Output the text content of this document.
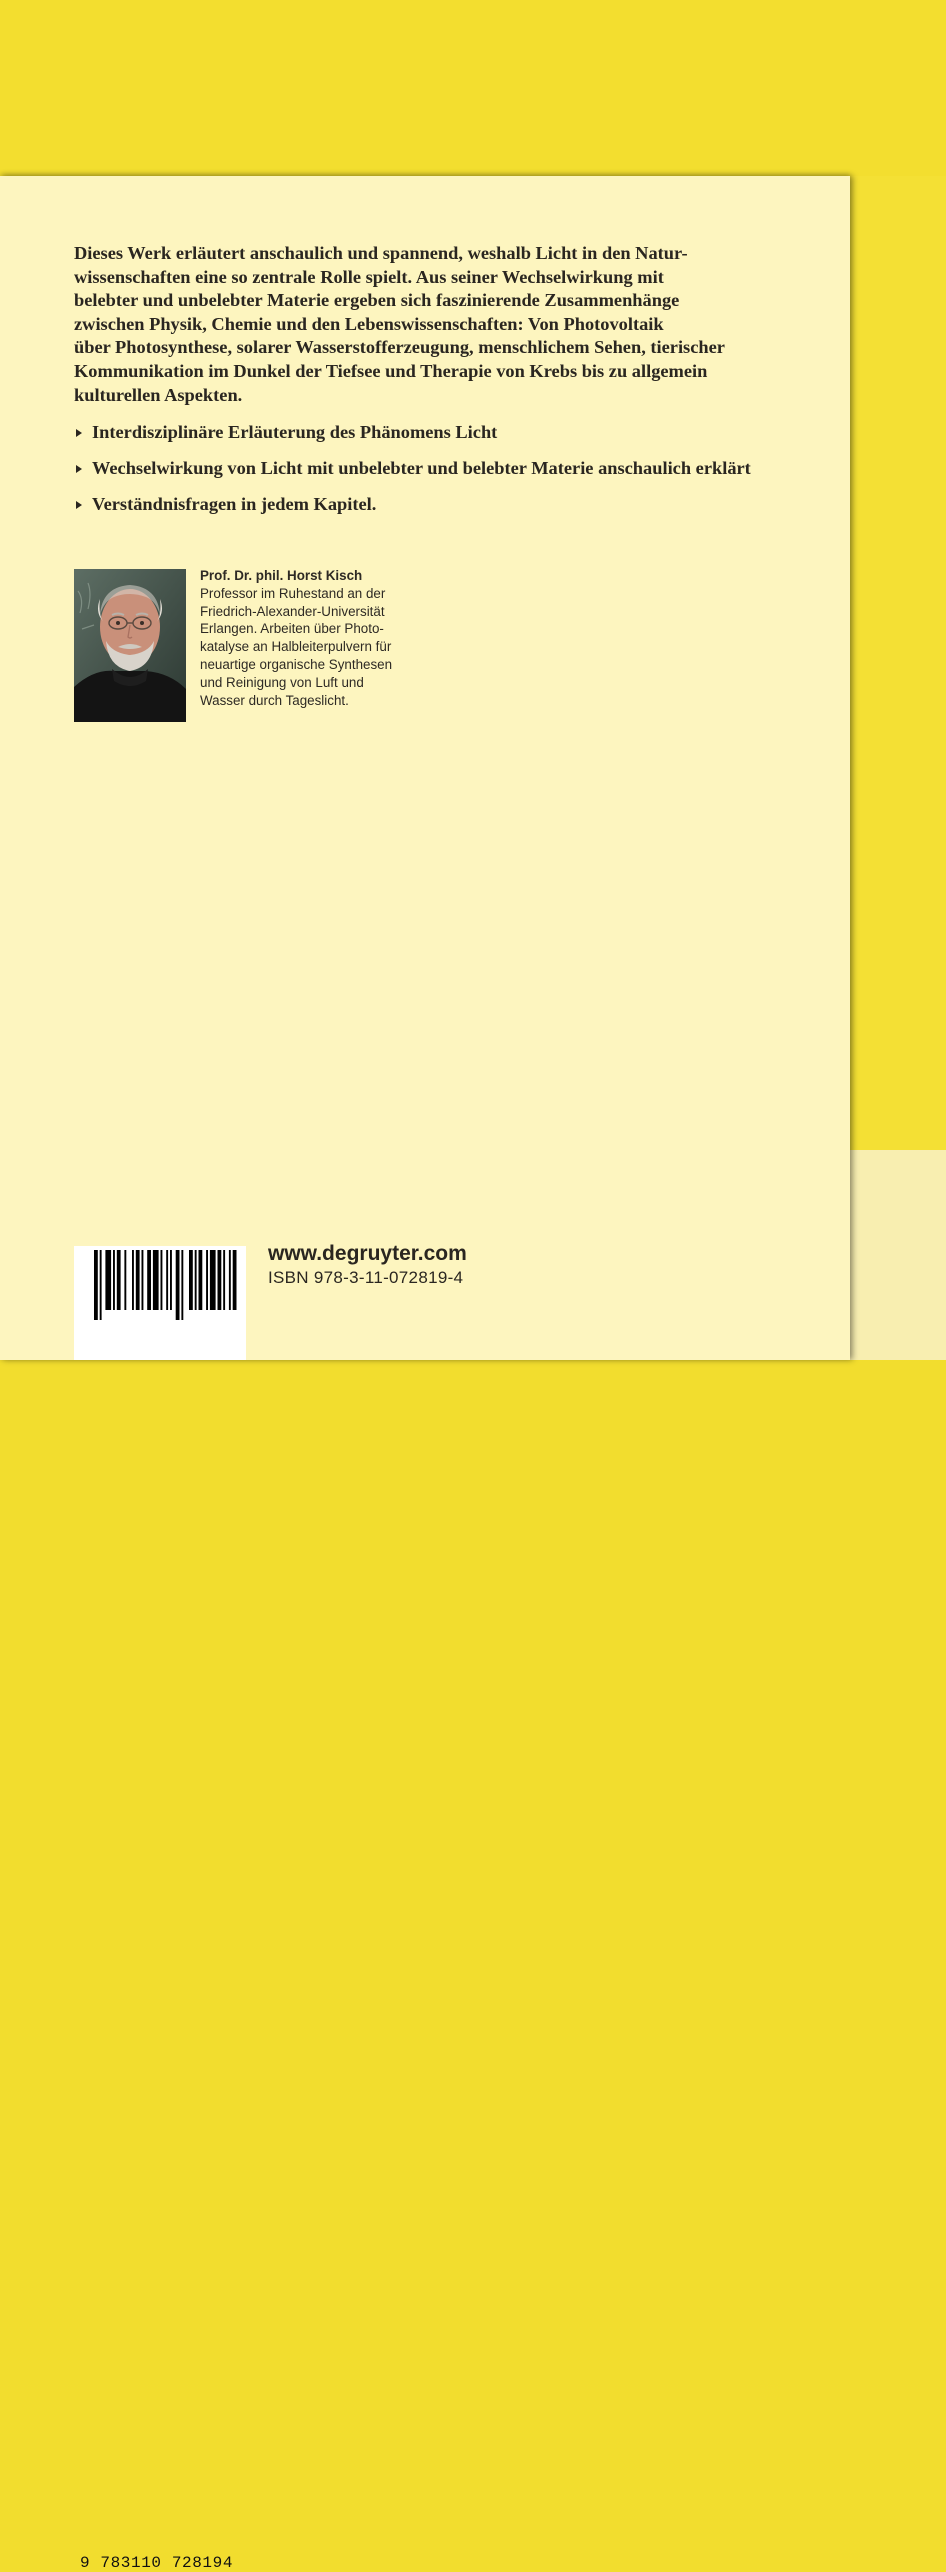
Dieses Werk erläutert anschaulich und spannend, weshalb Licht in den Natur-
wissenschaften eine so zentrale Rolle spielt. Aus seiner Wechselwirkung mit
belebter und unbelebter Materie ergeben sich faszinierende Zusammenhänge
zwischen Physik, Chemie und den Lebenswissenschaften: Von Photovoltaik
über Photosynthese, solarer Wasserstofferzeugung, menschlichem Sehen, tierischer
Kommunikation im Dunkel der Tiefsee und Therapie von Krebs bis zu allgemein
kulturellen Aspekten.

Interdisziplinäre Erläuterung des Phänomens Licht
Wechselwirkung von Licht mit unbelebter und belebter Materie anschaulich erklärt
Verständnisfragen in jedem Kapitel.
Prof. Dr. phil. Horst Kisch
Professor im Ruhestand an der
Friedrich-Alexander-Universität
Erlangen. Arbeiten über Photo-
katalyse an Halbleiterpulvern für
neuartige organische Synthesen
und Reinigung von Luft und
Wasser durch Tageslicht.
9 783110 728194
www.degruyter.com
ISBN 978-3-11-072819-4
